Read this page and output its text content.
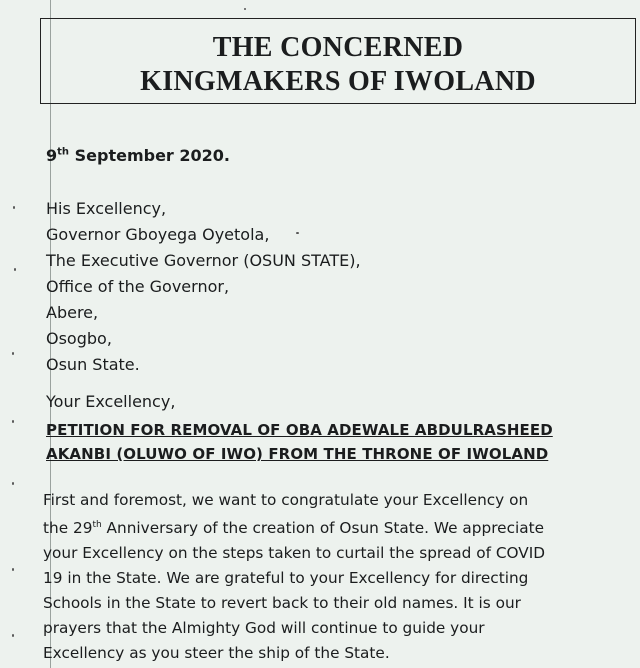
THE CONCERNED
KINGMAKERS OF IWOLAND
9th September 2020.
His Excellency,
Governor Gboyega Oyetola,
The Executive Governor (OSUN STATE),
Office of the Governor,
Abere,
Osogbo,
Osun State.
Your Excellency,
PETITION FOR REMOVAL OF OBA ADEWALE ABDULRASHEED
AKANBI (OLUWO OF IWO) FROM THE THRONE OF IWOLAND
First and foremost, we want to congratulate your Excellency on
the 29th Anniversary of the creation of Osun State. We appreciate
your Excellency on the steps taken to curtail the spread of COVID
19 in the State. We are grateful to your Excellency for directing
Schools in the State to revert back to their old names. It is our
prayers that the Almighty God will continue to guide your
Excellency as you steer the ship of the State.
